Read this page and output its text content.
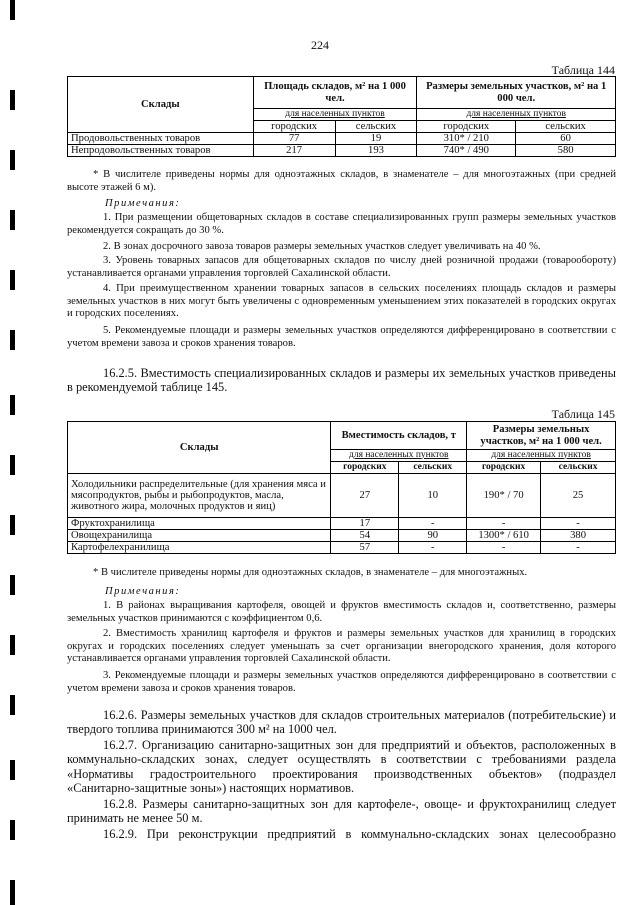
224
Таблица 144
Склады	Площадь складов, м² на 1 000 чел.		Размеры земельных участков, м² на 1 000 чел.	
	для населенных пунктов		для населенных пунктов	
	городских	сельских	городских	сельских
Продовольственных товаров	77	19	310* / 210	60
Непродовольственных товаров	217	193	740* / 490	580
* В числителе приведены нормы для одноэтажных складов, в знаменателе – для многоэтажных (при средней высоте этажей 6 м).
Примечания:
1. При размещении общетоварных складов в составе специализированных групп размеры земельных участков рекомендуется сокращать до 30 %.
2. В зонах досрочного завоза товаров размеры земельных участков следует увеличивать на 40 %.
3. Уровень товарных запасов для общетоварных складов по числу дней розничной продажи (товарообороту) устанавливается органами управления торговлей Сахалинской области.
4. При преимущественном хранении товарных запасов в сельских поселениях площадь складов и размеры земельных участков в них могут быть увеличены с одновременным уменьшением этих показателей в городских округах и городских поселениях.
5. Рекомендуемые площади и размеры земельных участков определяются дифференцировано в соответствии с учетом времени завоза и сроков хранения товаров.
16.2.5. Вместимость специализированных складов и размеры их земельных участков приведены в рекомендуемой таблице 145.
Таблица 145
Склады	Вместимость складов, т		Размеры земельных участков, м² на 1 000 чел.	
	для населенных пунктов		для населенных пунктов	
	городских	сельских	городских	сельских
Холодильники распределительные (для хранения мяса и мясопродуктов, рыбы и рыбопродуктов, масла, животного жира, молочных продуктов и яиц)	27	10	190* / 70	25
Фруктохранилища	17	-	-	-
Овощехранилища	54	90	1300* / 610	380
Картофелехранилища	57	-	-	-
* В числителе приведены нормы для одноэтажных складов, в знаменателе – для многоэтажных.
Примечания:
1. В районах выращивания картофеля, овощей и фруктов вместимость складов и, соответственно, размеры земельных участков принимаются с коэффициентом 0,6.
2. Вместимость хранилищ картофеля и фруктов и размеры земельных участков для хранилищ в городских округах и городских поселениях следует уменьшать за счет организации внегородского хранения, доля которого устанавливается органами управления торговлей Сахалинской области.
3. Рекомендуемые площади и размеры земельных участков определяются дифференцировано в соответствии с учетом времени завоза и сроков хранения товаров.
16.2.6. Размеры земельных участков для складов строительных материалов (потребительские) и твердого топлива принимаются 300 м² на 1000 чел.
16.2.7. Организацию санитарно-защитных зон для предприятий и объектов, расположенных в коммунально-складских зонах, следует осуществлять в соответствии с требованиями раздела «Нормативы градостроительного проектирования производственных объектов» (подраздел «Санитарно-защитные зоны») настоящих нормативов.
16.2.8. Размеры санитарно-защитных зон для картофеле-, овоще- и фруктохранилищ следует принимать не менее 50 м.
16.2.9. При реконструкции предприятий в коммунально-складских зонах целесообразно
